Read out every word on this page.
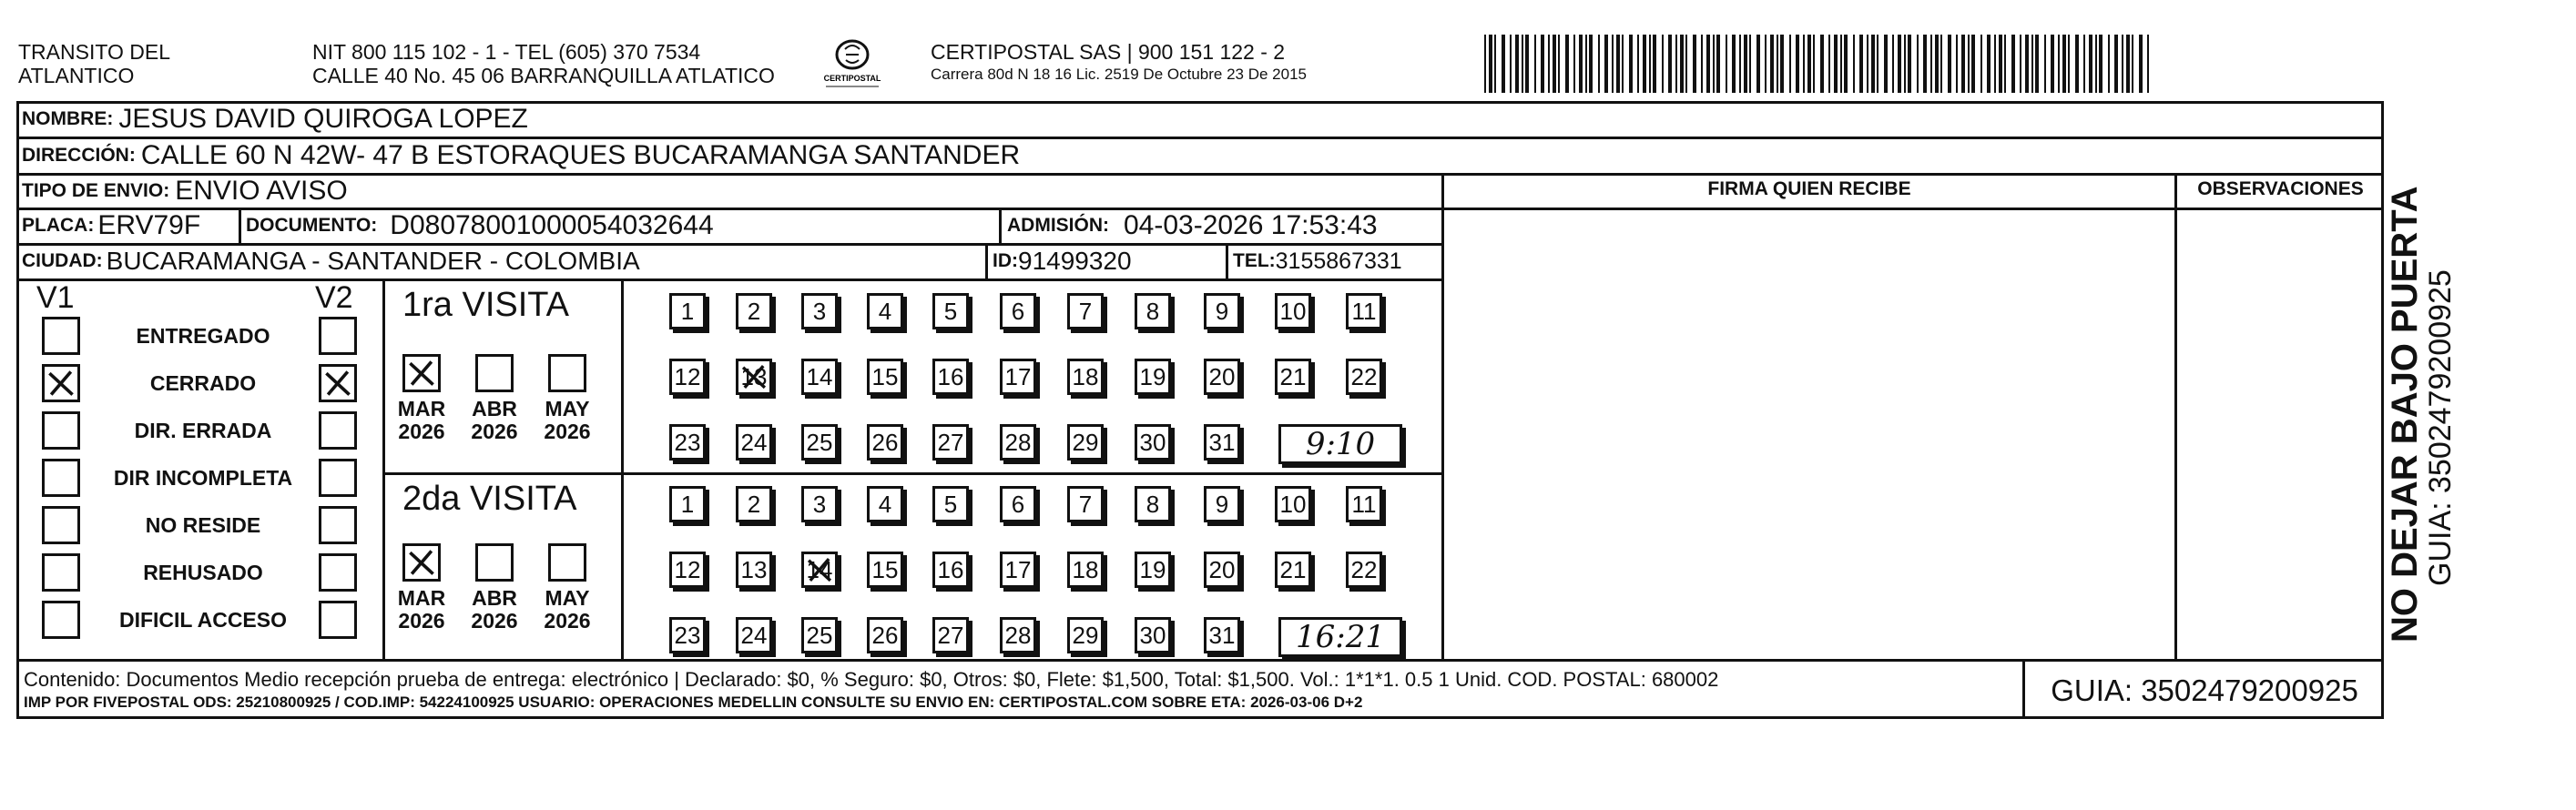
TRANSITO DEL
ATLANTICO
NIT 800 115 102 - 1 - TEL (605) 370 7534
CALLE 40 No. 45 06 BARRANQUILLA ATLATICO	CERTIPOSTAL
CERTIPOSTAL SAS | 900 151 122 - 2
Carrera 80d N 18 16 Lic. 2519 De Octubre 23 De 2015
NOMBRE: JESUS DAVID QUIROGA LOPEZ
DIRECCIÓN: CALLE 60 N 42W- 47 B ESTORAQUES BUCARAMANGA SANTANDER
TIPO DE ENVIO: ENVIO AVISO
PLACA: ERV79F DOCUMENTO: D08078001000054032644	ADMISIÓN: 04-03-2026 17:53:43
CIUDAD: BUCARAMANGA - SANTANDER - COLOMBIA	ID: 91499320	TEL: 3155867331
FIRMA QUIEN RECIBE	OBSERVACIONES
V1	V2
ENTREGADO
CERRADO
DIR. ERRADA
DIR INCOMPLETA
NO RESIDE
REHUSADO
DIFICIL ACCESO
1ra VISITA
2da VISITA
MAR
2026
ABR
2026
MAY
2026
MAR
2026
ABR
2026
MAY
2026
1 2 3 4 5 6 7 8 9 10 11
12 13 14 15 16 17 18 19 20 21 22
23 24 25 26 27 28 29 30 31	9:10
1 2 3 4 5 6 7 8 9 10 11
12 13 14 15 16 17 18 19 20 21 22
23 24 25 26 27 28 29 30 31	16:21	NO DEJAR BAJO PUERTA
GUIA: 3502479200925
Contenido: Documentos Medio recepción prueba de entrega: electrónico | Declarado: $0, % Seguro: $0, Otros: $0, Flete: $1,500, Total: $1,500. Vol.: 1*1*1. 0.5 1 Unid. COD. POSTAL: 680002
IMP POR FIVEPOSTAL ODS: 25210800925 / COD.IMP: 54224100925 USUARIO: OPERACIONES MEDELLIN CONSULTE SU ENVIO EN: CERTIPOSTAL.COM SOBRE ETA: 2026-03-06 D+2	GUIA: 3502479200925
